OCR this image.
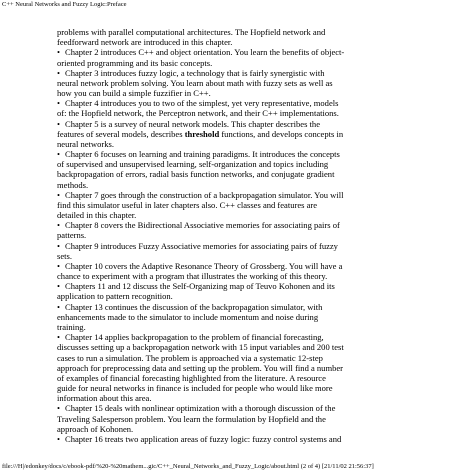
C++ Neural Networks and Fuzzy Logic:Preface
problems with parallel computational architectures. The Hopfield network and
feedforward network are introduced in this chapter.
• Chapter 2 introduces C++ and object orientation. You learn the benefits of object-
oriented programming and its basic concepts.
• Chapter 3 introduces fuzzy logic, a technology that is fairly synergistic with
neural network problem solving. You learn about math with fuzzy sets as well as
how you can build a simple fuzzifier in C++.
• Chapter 4 introduces you to two of the simplest, yet very representative, models
of: the Hopfield network, the Perceptron network, and their C++ implementations.
• Chapter 5 is a survey of neural network models. This chapter describes the
features of several models, describes threshold functions, and develops concepts in
neural networks.
• Chapter 6 focuses on learning and training paradigms. It introduces the concepts
of supervised and unsupervised learning, self-organization and topics including
backpropagation of errors, radial basis function networks, and conjugate gradient
methods.
• Chapter 7 goes through the construction of a backpropagation simulator. You will
find this simulator useful in later chapters also. C++ classes and features are
detailed in this chapter.
• Chapter 8 covers the Bidirectional Associative memories for associating pairs of
patterns.
• Chapter 9 introduces Fuzzy Associative memories for associating pairs of fuzzy
sets.
• Chapter 10 covers the Adaptive Resonance Theory of Grossberg. You will have a
chance to experiment with a program that illustrates the working of this theory.
• Chapters 11 and 12 discuss the Self-Organizing map of Teuvo Kohonen and its
application to pattern recognition.
• Chapter 13 continues the discussion of the backpropagation simulator, with
enhancements made to the simulator to include momentum and noise during
training.
• Chapter 14 applies backpropagation to the problem of financial forecasting,
discusses setting up a backpropagation network with 15 input variables and 200 test
cases to run a simulation. The problem is approached via a systematic 12-step
approach for preprocessing data and setting up the problem. You will find a number
of examples of financial forecasting highlighted from the literature. A resource
guide for neural networks in finance is included for people who would like more
information about this area.
• Chapter 15 deals with nonlinear optimization with a thorough discussion of the
Traveling Salesperson problem. You learn the formulation by Hopfield and the
approach of Kohonen.
• Chapter 16 treats two application areas of fuzzy logic: fuzzy control systems and
file:///H|/edonkey/docs/c/ebook-pdf/%20-%20mathem...gic/C++_Neural_Networks_and_Fuzzy_Logic/about.html (2 of 4) [21/11/02 21:56:37]
